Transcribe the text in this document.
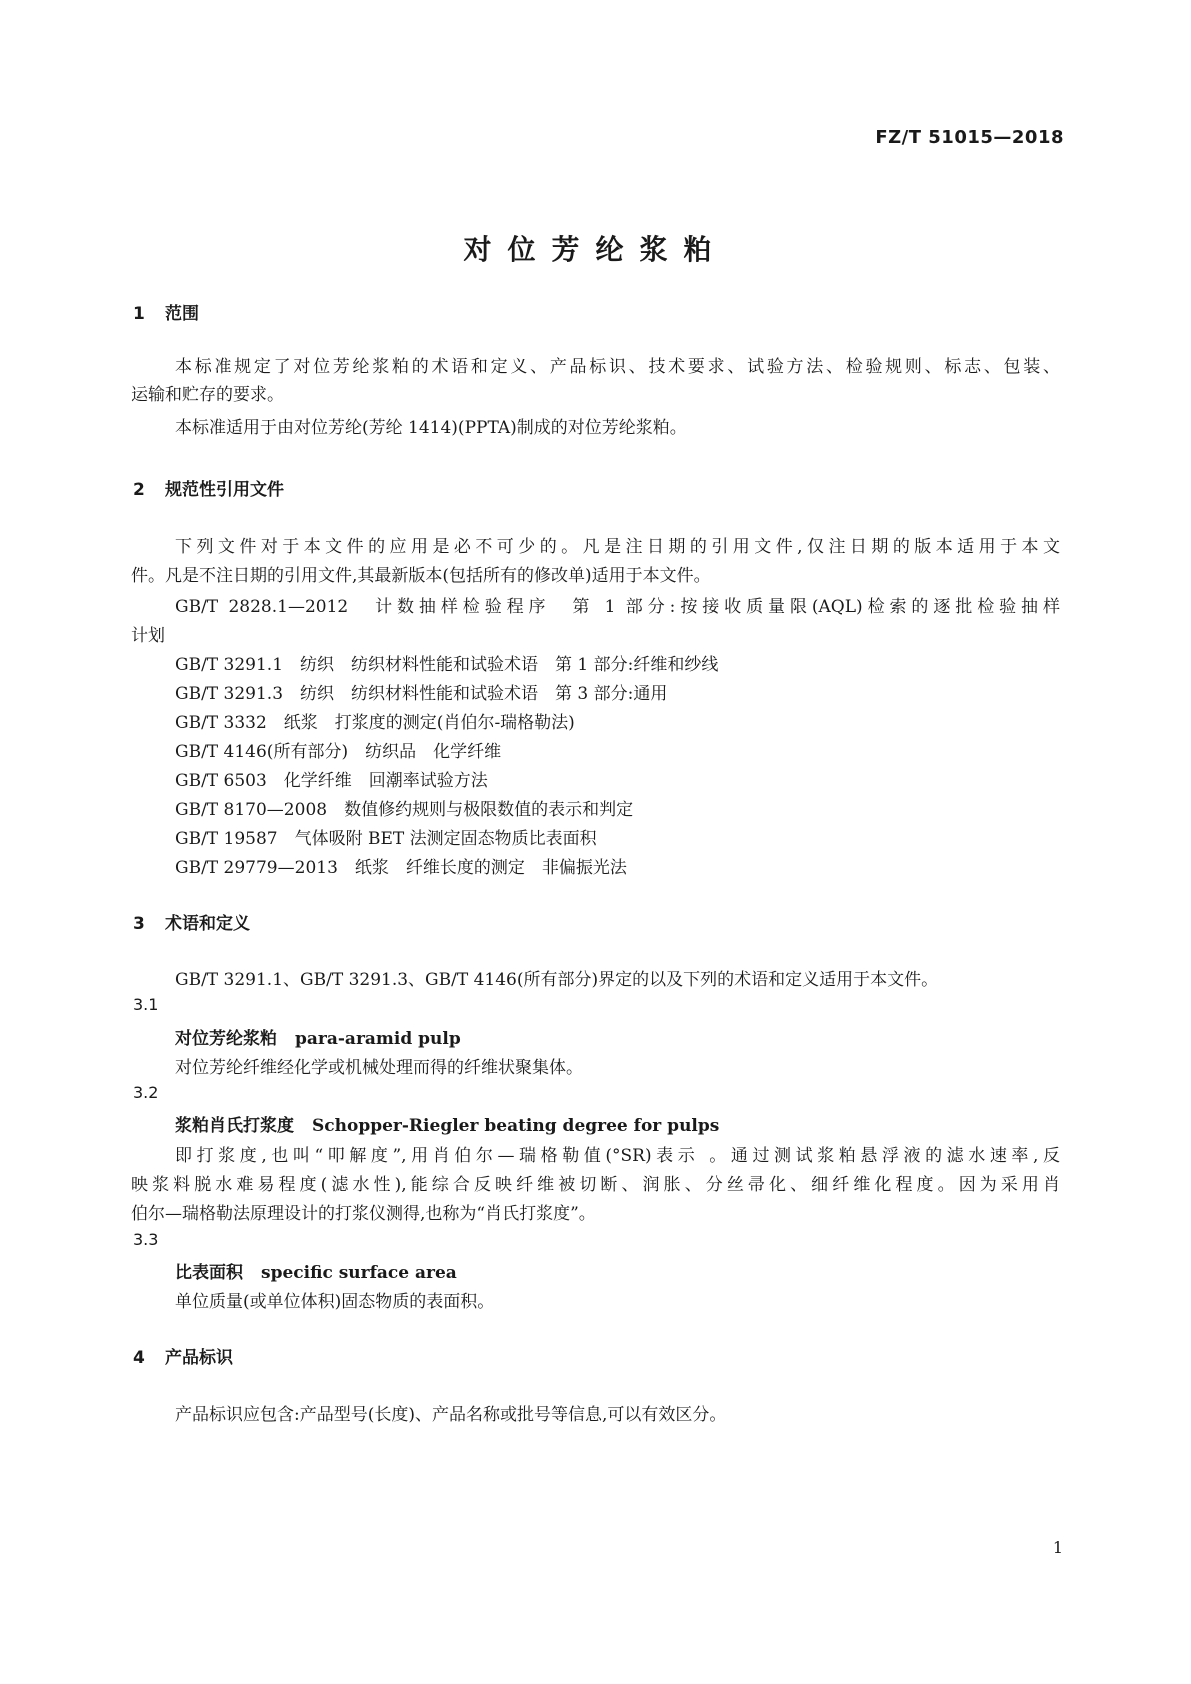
FZ/T 51015—2018
对位芳纶浆粕
1 范围
本标准规定了对位芳纶浆粕的术语和定义、产品标识、技术要求、试验方法、检验规则、标志、包装、
运输和贮存的要求。
本标准适用于由对位芳纶(芳纶 1414)(PPTA)制成的对位芳纶浆粕。
2 规范性引用文件
下列文件对于本文件的应用是必不可少的。凡是注日期的引用文件,仅注日期的版本适用于本文
件。凡是不注日期的引用文件,其最新版本(包括所有的修改单)适用于本文件。
GB/T 2828.1—2012　计数抽样检验程序　第 1 部分:按接收质量限(AQL)检索的逐批检验抽样
计划
GB/T 3291.1　纺织　纺织材料性能和试验术语　第 1 部分:纤维和纱线
GB/T 3291.3　纺织　纺织材料性能和试验术语　第 3 部分:通用
GB/T 3332　纸浆　打浆度的测定(肖伯尔-瑞格勒法)
GB/T 4146(所有部分)　纺织品　化学纤维
GB/T 6503　化学纤维　回潮率试验方法
GB/T 8170—2008　数值修约规则与极限数值的表示和判定
GB/T 19587　气体吸附 BET 法测定固态物质比表面积
GB/T 29779—2013　纸浆　纤维长度的测定　非偏振光法
3 术语和定义
GB/T 3291.1、GB/T 3291.3、GB/T 4146(所有部分)界定的以及下列的术语和定义适用于本文件。
3.1
对位芳纶浆粕 para-aramid pulp
对位芳纶纤维经化学或机械处理而得的纤维状聚集体。
3.2
浆粕肖氏打浆度 Schopper-Riegler beating degree for pulps
即打浆度,也叫“叩解度”,用肖伯尔—瑞格勒值(°SR)表示 。通过测试浆粕悬浮液的滤水速率,反
映浆料脱水难易程度(滤水性),能综合反映纤维被切断、润胀、分丝帚化、细纤维化程度。因为采用肖
伯尔—瑞格勒法原理设计的打浆仪测得,也称为“肖氏打浆度”。
3.3
比表面积 specific surface area
单位质量(或单位体积)固态物质的表面积。
4 产品标识
产品标识应包含:产品型号(长度)、产品名称或批号等信息,可以有效区分。
1
